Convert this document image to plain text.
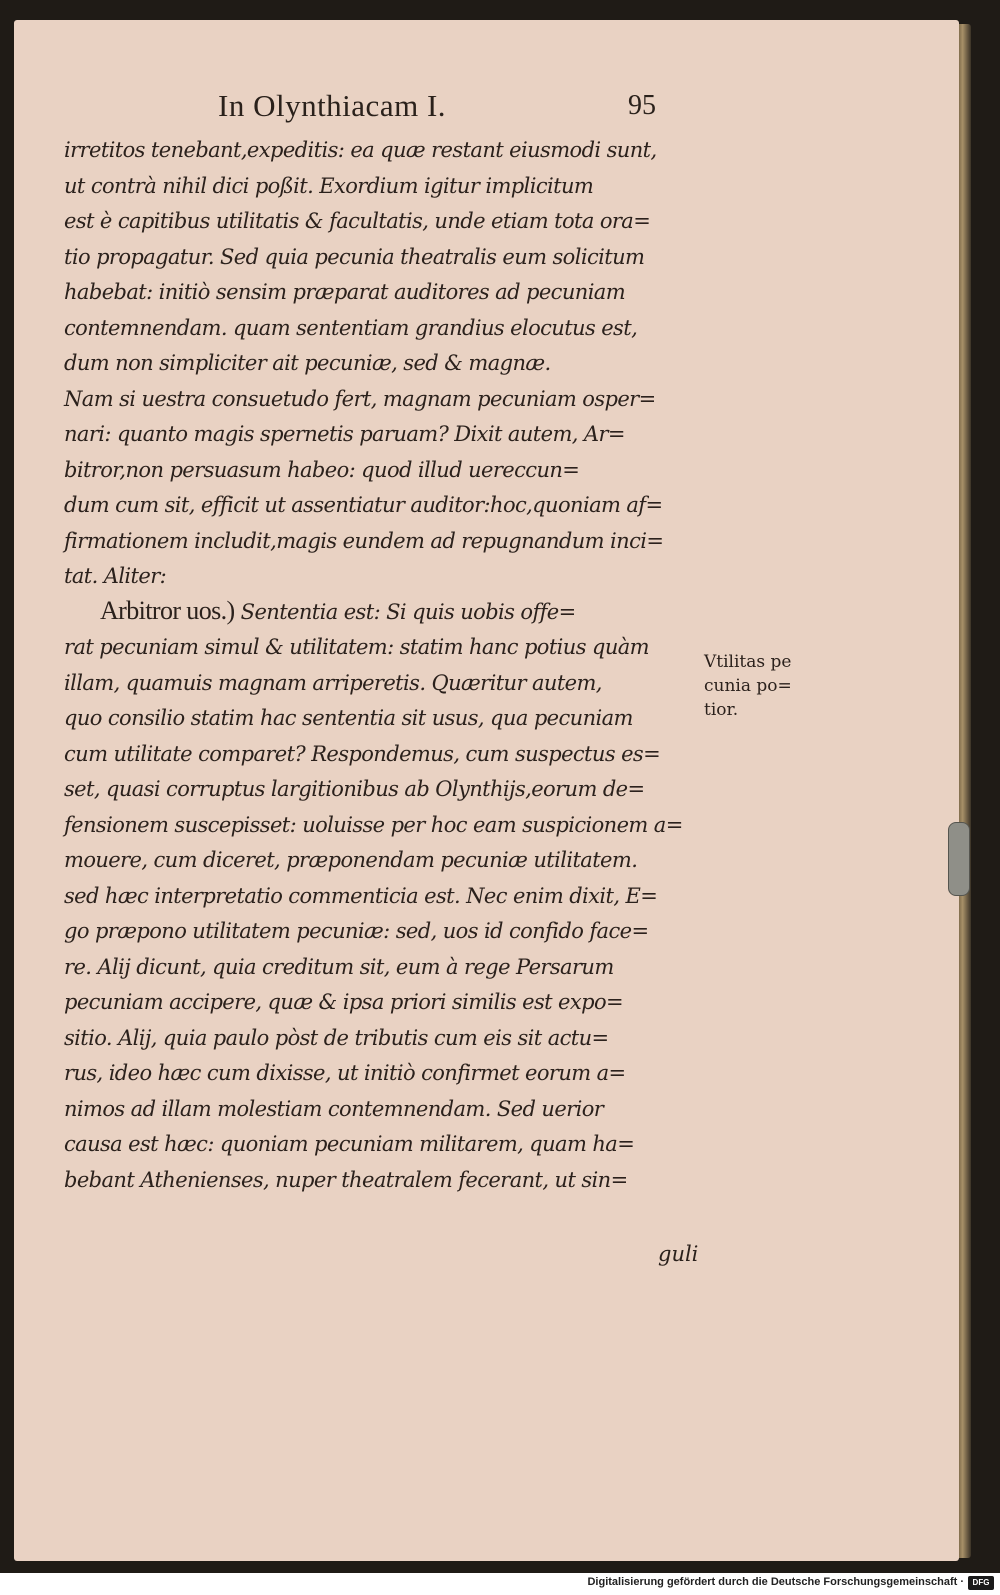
In Olynthiacam I.	95
irretitos tenebant,expeditis: ea quæ restant eiusmodi sunt,
ut contrà nihil dici poßit. Exordium igitur implicitum
est è capitibus utilitatis & facultatis, unde etiam tota ora=
tio propagatur. Sed quia pecunia theatralis eum solicitum
habebat: initiò sensim præparat auditores ad pecuniam
contemnendam. quam sententiam grandius elocutus est,
dum non simpliciter ait pecuniæ, sed & magnæ.
Nam si uestra consuetudo fert, magnam pecuniam osper=
nari: quanto magis spernetis paruam? Dixit autem, Ar=
bitror,non persuasum habeo: quod illud uereccun=
dum cum sit, efficit ut assentiatur auditor:hoc,quoniam af=
firmationem includit,magis eundem ad repugnandum inci=
tat. Aliter:
Arbitror uos.) Sententia est: Si quis uobis offe=
rat pecuniam simul & utilitatem: statim hanc potius quàm
illam, quamuis magnam arriperetis. Quæritur autem,
quo consilio statim hac sententia sit usus, qua pecuniam
cum utilitate comparet? Respondemus, cum suspectus es=
set, quasi corruptus largitionibus ab Olynthijs,eorum de=
fensionem suscepisset: uoluisse per hoc eam suspicionem a=
mouere, cum diceret, præponendam pecuniæ utilitatem.
sed hæc interpretatio commenticia est. Nec enim dixit, E=
go præpono utilitatem pecuniæ: sed, uos id confido face=
re. Alij dicunt, quia creditum sit, eum à rege Persarum
pecuniam accipere, quæ & ipsa priori similis est expo=
sitio. Alij, quia paulo pòst de tributis cum eis sit actu=
rus, ideo hæc cum dixisse, ut initiò confirmet eorum a=
nimos ad illam molestiam contemnendam. Sed uerior
causa est hæc: quoniam pecuniam militarem, quam ha=
bebant Athenienses, nuper theatralem fecerant, ut sin=
Vtilitas pe
cunia po=
tior.
guli
Digitalisierung gefördert durch die Deutsche Forschungsgemeinschaft ·	DFG
